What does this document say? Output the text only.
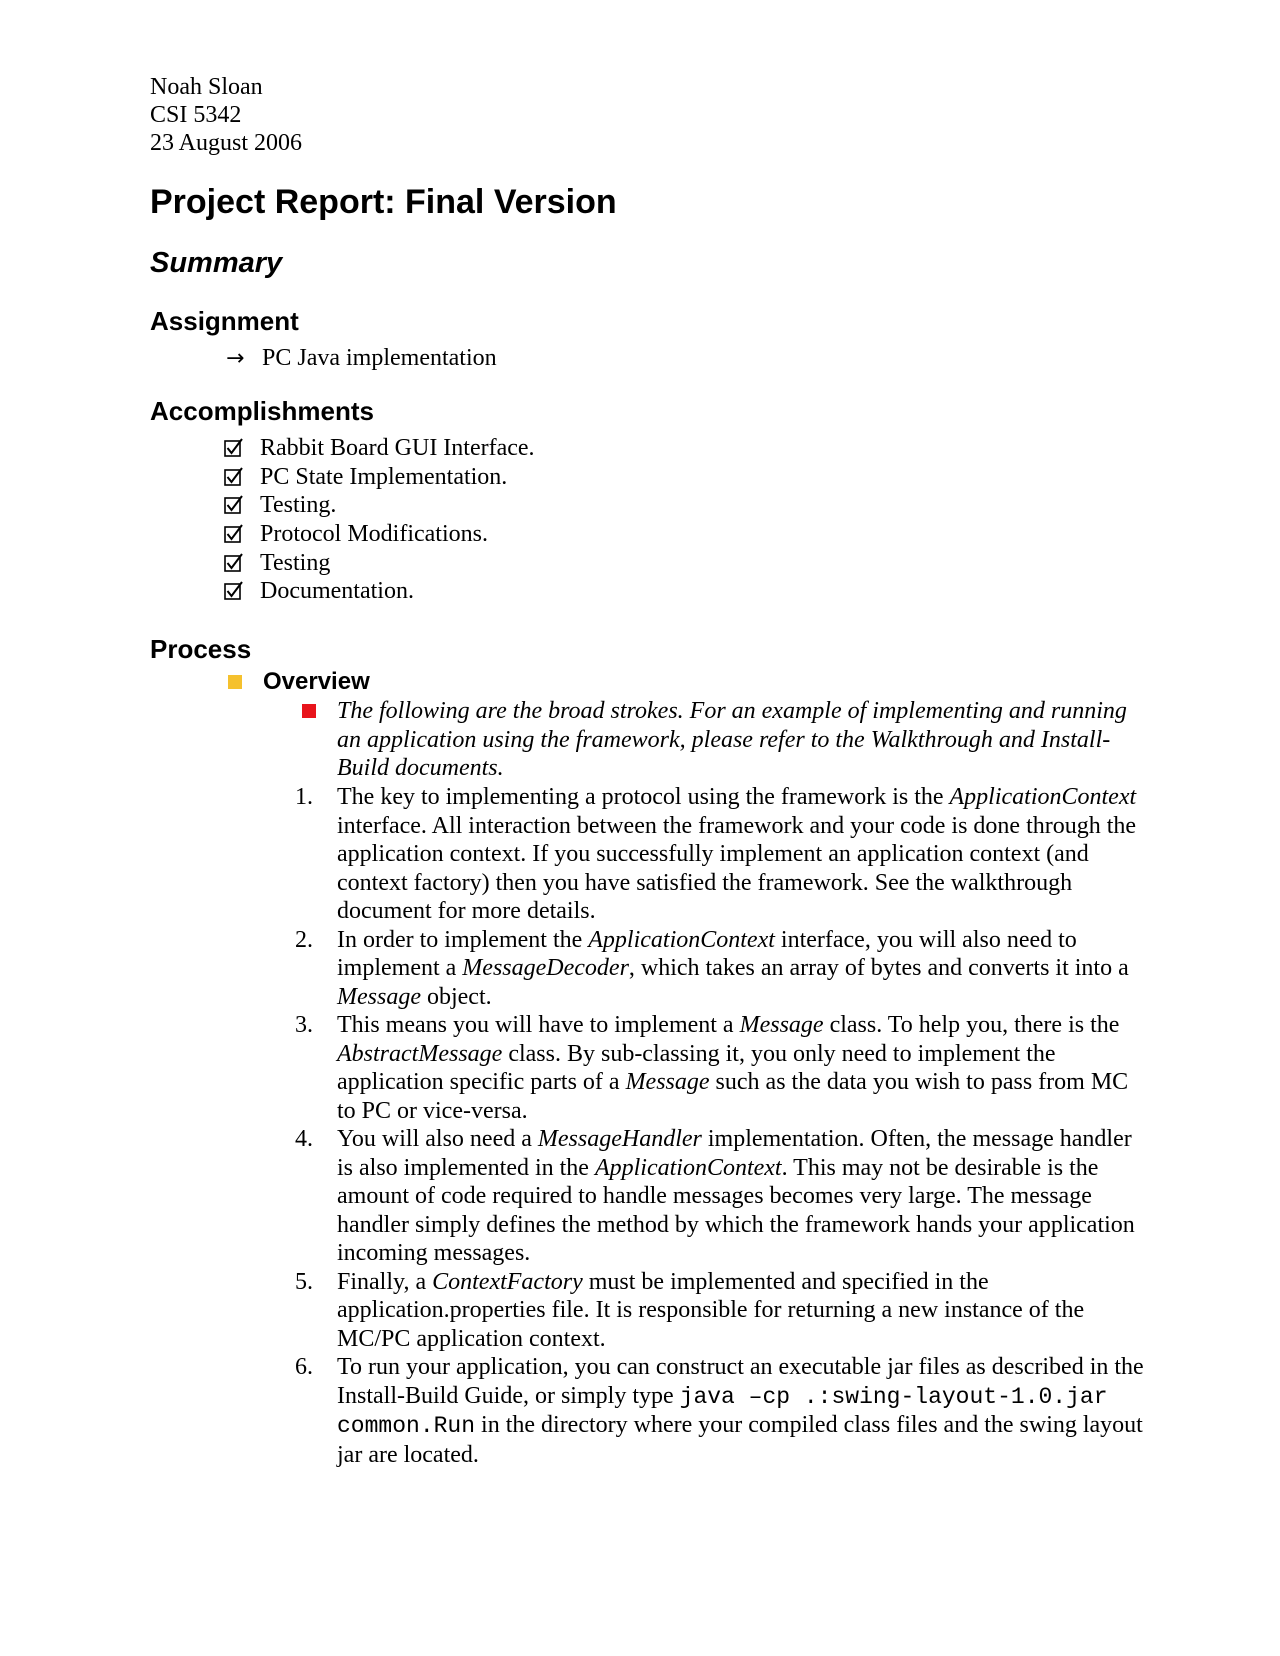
Noah Sloan
CSI 5342
23 August 2006
Project Report: Final Version
Summary
Assignment
→ PC Java implementation
Accomplishments
Rabbit Board GUI Interface.
PC State Implementation.
Testing.
Protocol Modifications.
Testing
Documentation.
Process
Overview
The following are the broad strokes. For an example of implementing and running an application using the framework, please refer to the Walkthrough and Install-Build documents.
1.	The key to implementing a protocol using the framework is the ApplicationContext interface. All interaction between the framework and your code is done through the application context. If you successfully implement an application context (and context factory) then you have satisfied the framework. See the walkthrough document for more details.
2.	In order to implement the ApplicationContext interface, you will also need to implement a MessageDecoder, which takes an array of bytes and converts it into a Message object.
3.	This means you will have to implement a Message class. To help you, there is the AbstractMessage class. By sub-classing it, you only need to implement the application specific parts of a Message such as the data you wish to pass from MC to PC or vice-versa.
4.	You will also need a MessageHandler implementation. Often, the message handler is also implemented in the ApplicationContext. This may not be desirable is the amount of code required to handle messages becomes very large. The message handler simply defines the method by which the framework hands your application incoming messages.
5.	Finally, a ContextFactory must be implemented and specified in the application.properties file. It is responsible for returning a new instance of the MC/PC application context.
6.	To run your application, you can construct an executable jar files as described in the Install-Build Guide, or simply type java –cp .:swing-layout-1.0.jar common.Run in the directory where your compiled class files and the swing layout jar are located.
